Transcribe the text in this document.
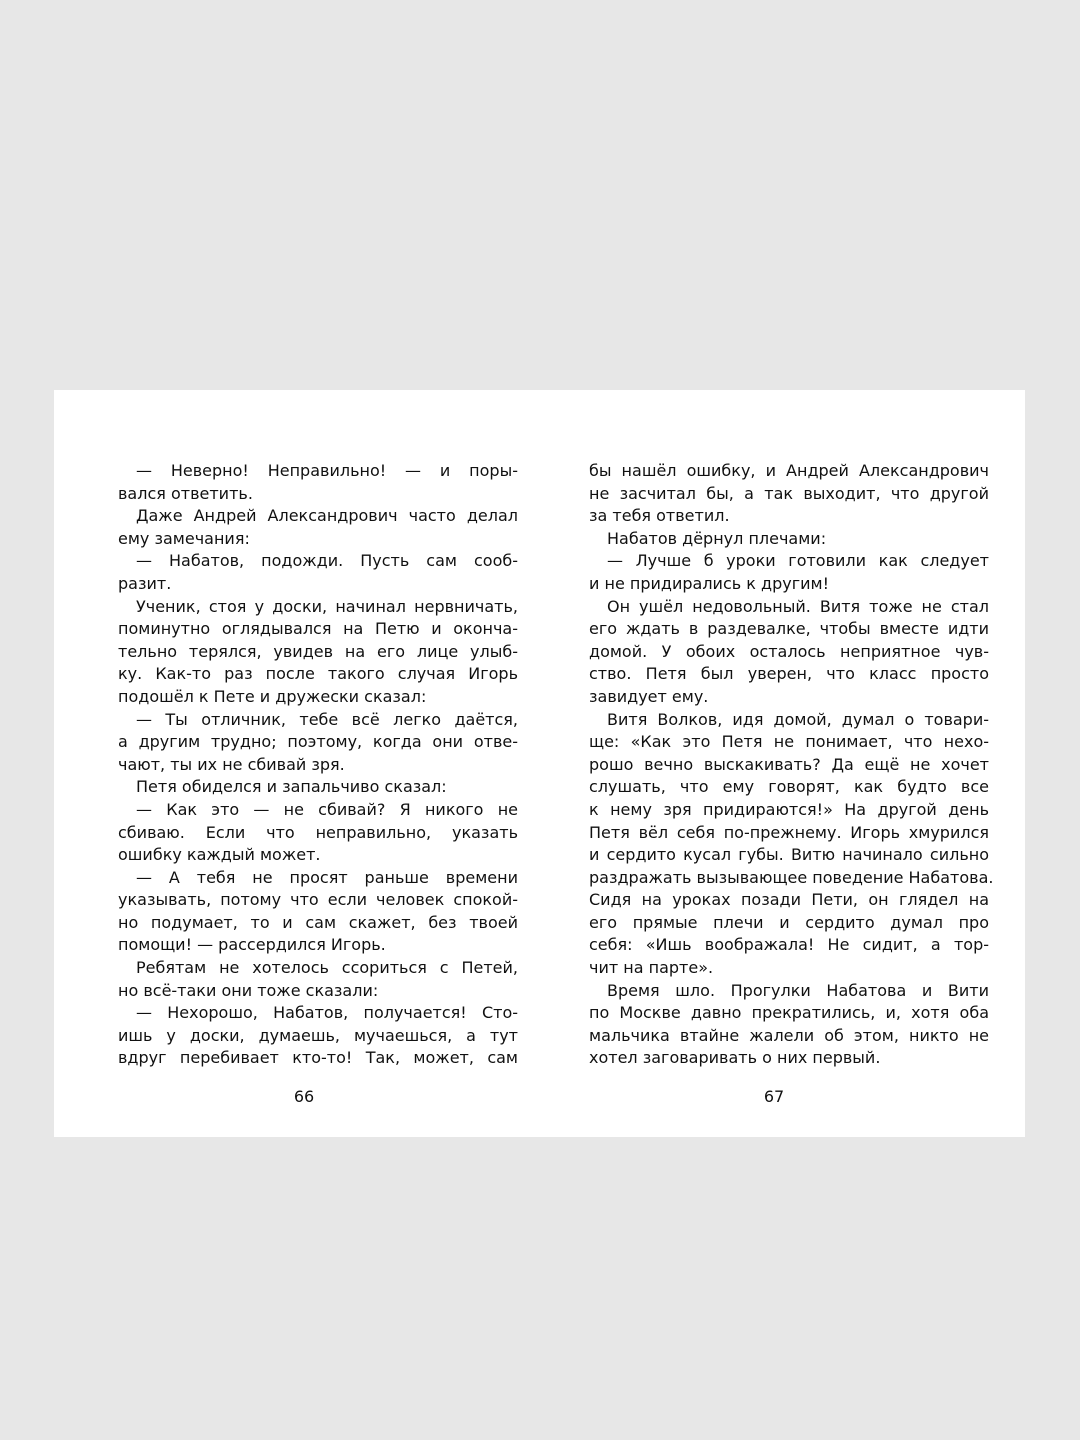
— Неверно! Неправильно! — и поры-
вался ответить.
Даже Андрей Александрович часто делал
ему замечания:
— Набатов, подожди. Пусть сам сооб-
разит.
Ученик, стоя у доски, начинал нервничать,
поминутно оглядывался на Петю и оконча-
тельно терялся, увидев на его лице улыб-
ку. Как-то раз после такого случая Игорь
подошёл к Пете и дружески сказал:
— Ты отличник, тебе всё легко даётся,
а другим трудно; поэтому, когда они отве-
чают, ты их не сбивай зря.
Петя обиделся и запальчиво сказал:
— Как это — не сбивай? Я никого не
сбиваю. Если что неправильно, указать
ошибку каждый может.
— А тебя не просят раньше времени
указывать, потому что если человек спокой-
но подумает, то и сам скажет, без твоей
помощи! — рассердился Игорь.
Ребятам не хотелось ссориться с Петей,
но всё-таки они тоже сказали:
— Нехорошо, Набатов, получается! Сто-
ишь у доски, думаешь, мучаешься, а тут
вдруг перебивает кто-то! Так, может, сам
бы нашёл ошибку, и Андрей Александрович
не засчитал бы, а так выходит, что другой
за тебя ответил.
Набатов дёрнул плечами:
— Лучше б уроки готовили как следует
и не придирались к другим!
Он ушёл недовольный. Витя тоже не стал
его ждать в раздевалке, чтобы вместе идти
домой. У обоих осталось неприятное чув-
ство. Петя был уверен, что класс просто
завидует ему.
Витя Волков, идя домой, думал о товари-
ще: «Как это Петя не понимает, что нехо-
рошо вечно выскакивать? Да ещё не хочет
слушать, что ему говорят, как будто все
к нему зря придираются!» На другой день
Петя вёл себя по-прежнему. Игорь хмурился
и сердито кусал губы. Витю начинало сильно
раздражать вызывающее поведение Набатова.
Сидя на уроках позади Пети, он глядел на
его прямые плечи и сердито думал про
себя: «Ишь воображала! Не сидит, а тор-
чит на парте».
Время шло. Прогулки Набатова и Вити
по Москве давно прекратились, и, хотя оба
мальчика втайне жалели об этом, никто не
хотел заговаривать о них первый.
66	67
